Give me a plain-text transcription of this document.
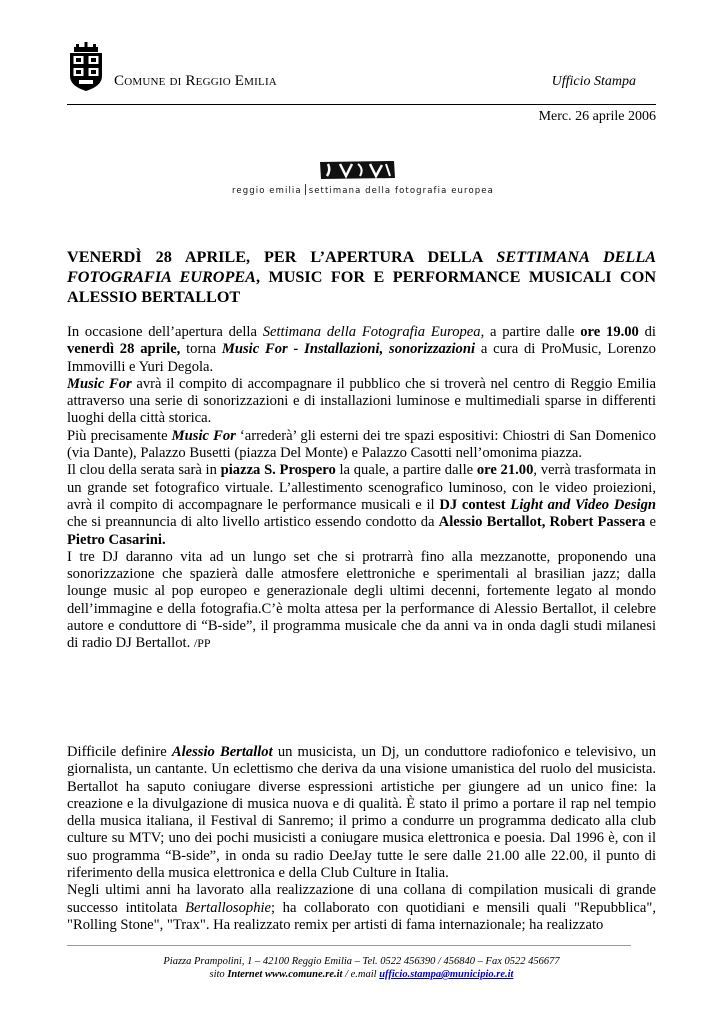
Comune di Reggio Emilia	Ufficio Stampa
Merc. 26 aprile 2006
reggio emilia settimana della fotografia europea
VENERDÌ 28 APRILE, PER L’APERTURA DELLA SETTIMANA DELLA FOTOGRAFIA EUROPEA, MUSIC FOR E PERFORMANCE MUSICALI CON ALESSIO BERTALLOT

In occasione dell’apertura della Settimana della Fotografia Europea, a partire dalle ore 19.00 di venerdì 28 aprile, torna Music For - Installazioni, sonorizzazioni a cura di ProMusic, Lorenzo Immovilli e Yuri Degola.

Music For avrà il compito di accompagnare il pubblico che si troverà nel centro di Reggio Emilia attraverso una serie di sonorizzazioni e di installazioni luminose e multimediali sparse in differenti luoghi della città storica.

Più precisamente Music For ‘arrederà’ gli esterni dei tre spazi espositivi: Chiostri di San Domenico (via Dante), Palazzo Busetti (piazza Del Monte) e Palazzo Casotti nell’omonima piazza.

Il clou della serata sarà in piazza S. Prospero la quale, a partire dalle ore 21.00, verrà trasformata in un grande set fotografico virtuale. L’allestimento scenografico luminoso, con le video proiezioni, avrà il compito di accompagnare le performance musicali e il DJ contest Light and Video Design che si preannuncia di alto livello artistico essendo condotto da Alessio Bertallot, Robert Passera e Pietro Casarini.

I tre DJ daranno vita ad un lungo set che si protrarrà fino alla mezzanotte, proponendo una sonorizzazione che spazierà dalle atmosfere elettroniche e sperimentali al brasilian jazz; dalla lounge music al pop europeo e generazionale degli ultimi decenni, fortemente legato al mondo dell’immagine e della fotografia.C’è molta attesa per la performance di Alessio Bertallot, il celebre autore e conduttore di “B-side”, il programma musicale che da anni va in onda dagli studi milanesi di radio DJ Bertallot. /PP

Difficile definire Alessio Bertallot un musicista, un Dj, un conduttore radiofonico e televisivo, un giornalista, un cantante. Un eclettismo che deriva da una visione umanistica del ruolo del musicista. Bertallot ha saputo coniugare diverse espressioni artistiche per giungere ad un unico fine: la creazione e la divulgazione di musica nuova e di qualità. È stato il primo a portare il rap nel tempio della musica italiana, il Festival di Sanremo; il primo a condurre un programma dedicato alla club culture su MTV; uno dei pochi musicisti a coniugare musica elettronica e poesia. Dal 1996 è, con il suo programma “B-side”, in onda su radio DeeJay tutte le sere dalle 21.00 alle 22.00, il punto di riferimento della musica elettronica e della Club Culture in Italia.

Negli ultimi anni ha lavorato alla realizzazione di una collana di compilation musicali di grande successo intitolata Bertallosophie; ha collaborato con quotidiani e mensili quali "Repubblica", "Rolling Stone", "Trax". Ha realizzato remix per artisti di fama internazionale; ha realizzato

Piazza Prampolini, 1 – 42100 Reggio Emilia – Tel. 0522 456390 / 456840 – Fax 0522 456677
sito Internet www.comune.re.it / e.mail ufficio.stampa@municipio.re.it
